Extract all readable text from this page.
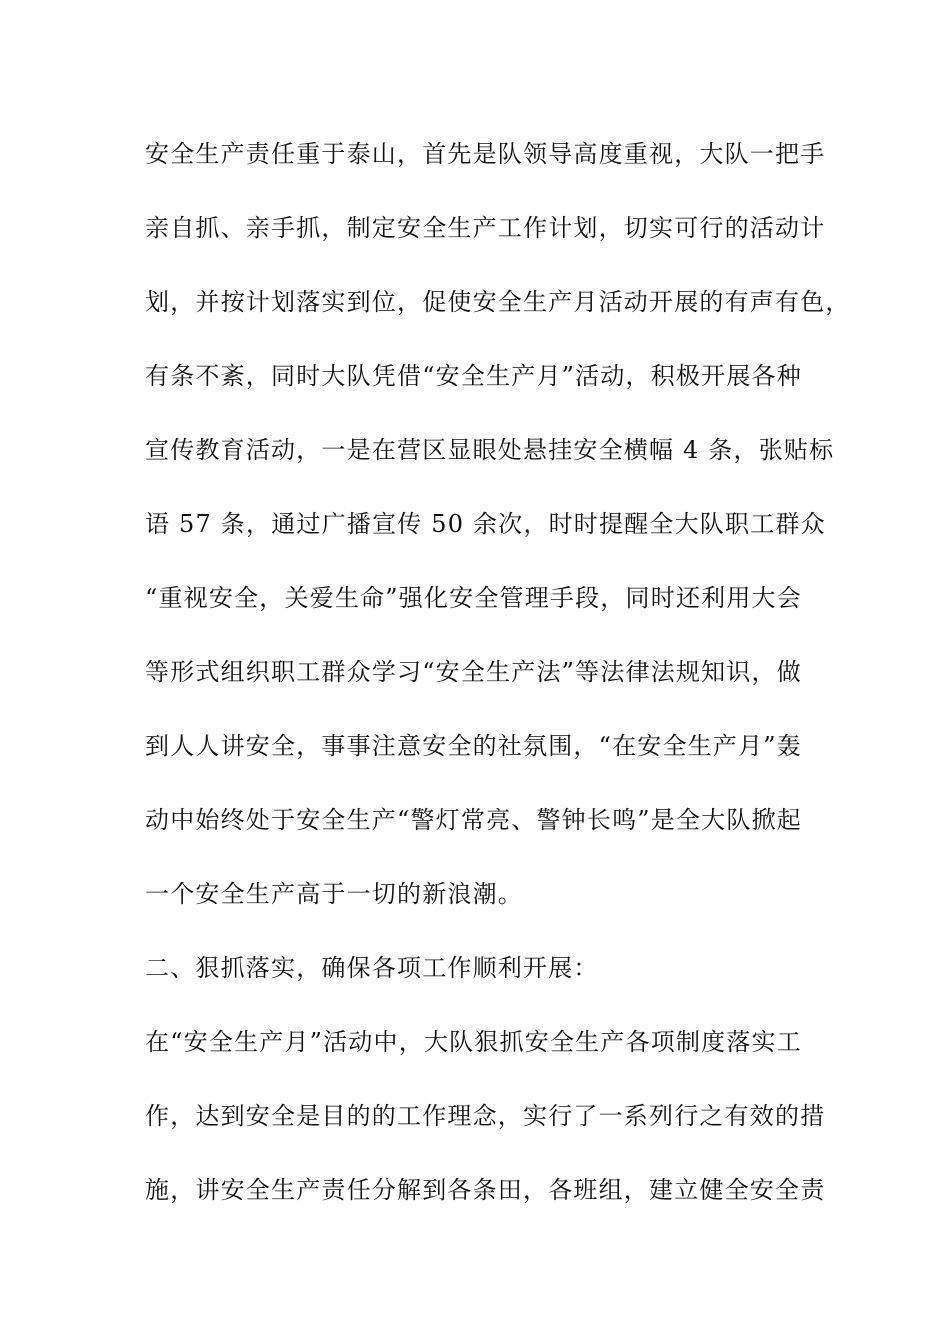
安全生产责任重于泰山，首先是队领导高度重视，大队一把手
亲自抓、亲手抓，制定安全生产工作计划，切实可行的活动计
划，并按计划落实到位，促使安全生产月活动开展的有声有色，
有条不紊，同时大队凭借“安全生产月”活动，积极开展各种
宣传教育活动，一是在营区显眼处悬挂安全横幅 4 条，张贴标
语 57 条，通过广播宣传 50 余次，时时提醒全大队职工群众
“重视安全，关爱生命”强化安全管理手段，同时还利用大会
等形式组织职工群众学习“安全生产法”等法律法规知识，做
到人人讲安全，事事注意安全的社氛围，“在安全生产月”轰
动中始终处于安全生产“警灯常亮、警钟长鸣”是全大队掀起
一个安全生产高于一切的新浪潮。
二、狠抓落实，确保各项工作顺利开展：
在“安全生产月”活动中，大队狠抓安全生产各项制度落实工
作，达到安全是目的的工作理念，实行了一系列行之有效的措
施，讲安全生产责任分解到各条田，各班组，建立健全安全责
